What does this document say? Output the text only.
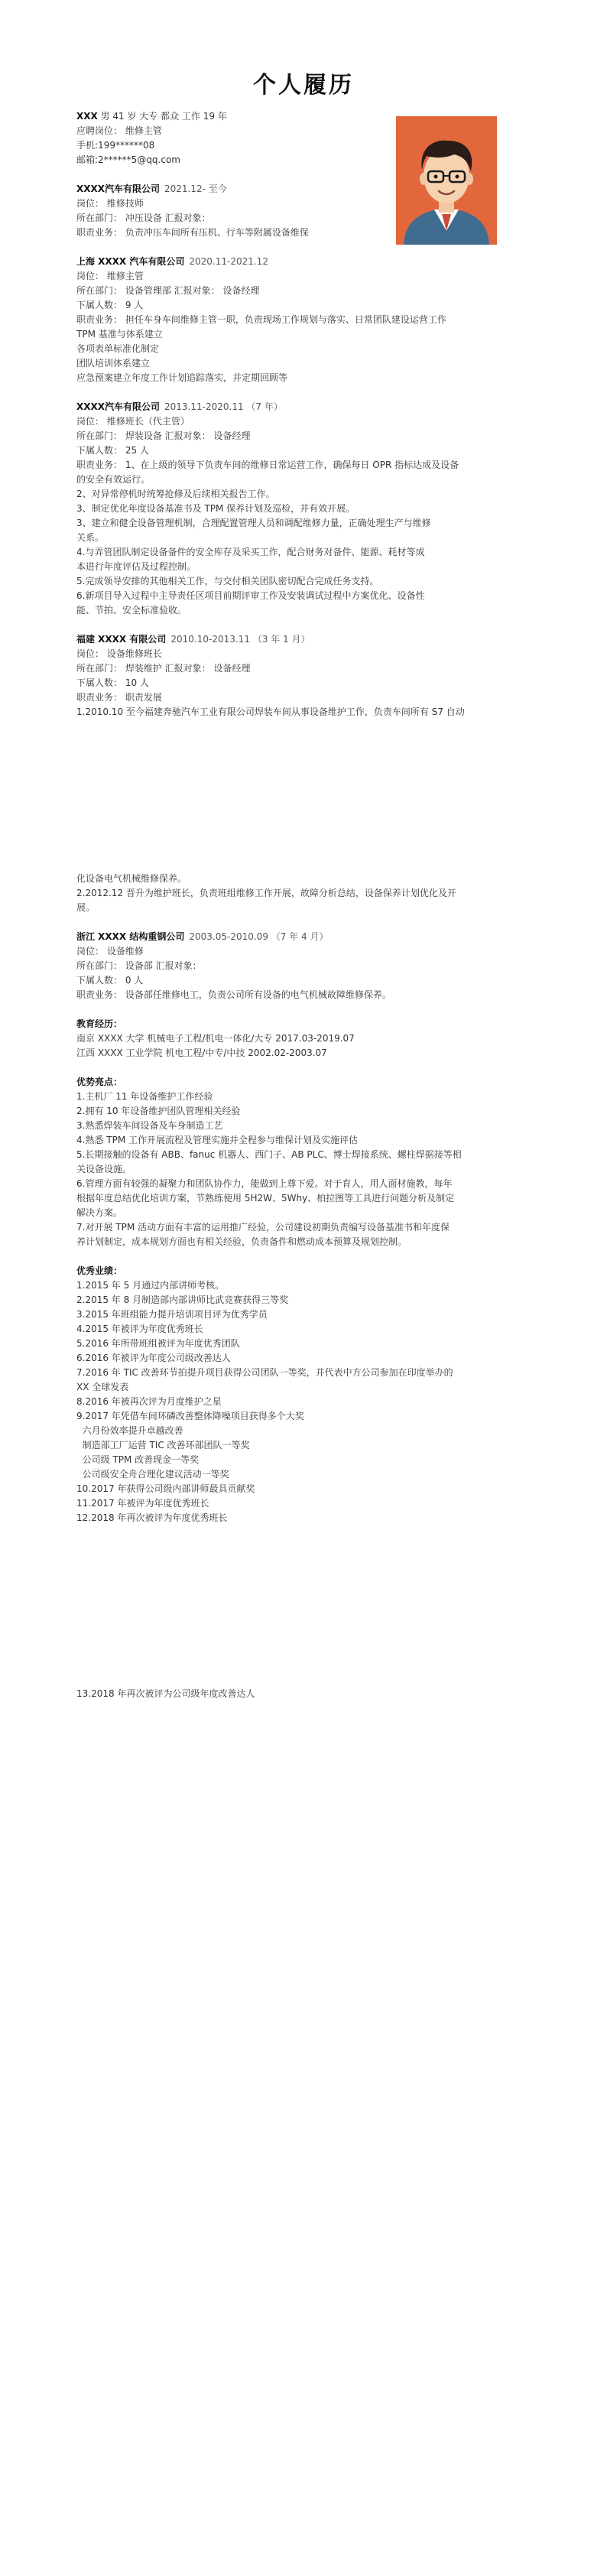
个人履历
XXX 男 41 岁 大专 都众 工作 19 年
应聘岗位： 维修主管
手机:199******08
邮箱:2******5@qq.com
XXXX汽车有限公司 2021.12- 至今
岗位： 维修技师
所在部门： 冲压设备 汇报对象：
职责业务： 负责冲压车间所有压机、行车等附属设备维保
上海 XXXX 汽车有限公司 2020.11-2021.12
岗位： 维修主管
所在部门： 设备管理部 汇报对象： 设备经理
下属人数： 9 人
职责业务： 担任车身车间维修主管一职，负责现场工作规划与落实、日常团队建设运营工作
TPM 基准与体系建立
各项表单标准化制定
团队培训体系建立
应急预案建立年度工作计划追踪落实，并定期回顾等
XXXX汽车有限公司 2013.11-2020.11 （7 年）
岗位： 维修班长（代主管）
所在部门： 焊装设备 汇报对象： 设备经理
下属人数： 25 人
职责业务： 1、在上级的领导下负责车间的维修日常运营工作，确保每日 OPR 指标达成及设备
的安全有效运行。
2、对异常停机时统筹抢修及后续相关报告工作。
3、制定优化年度设备基准书及 TPM 保养计划及巡检，并有效开展。
3、建立和健全设备管理机制，合理配置管理人员和调配维修力量，正确处理生产与维修
关系。
4.与弄管团队制定设备备件的安全库存及采买工作，配合财务对备件、能源、耗材等成
本进行年度评估及过程控制。
5.完成领导安排的其他相关工作，与交付相关团队密切配合完成任务支持。
6.新项目导入过程中主导责任区项目前期评审工作及安装调试过程中方案优化、设备性
能、节拍、安全标准验收。
福建 XXXX 有限公司 2010.10-2013.11 （3 年 1 月）
岗位： 设备维修班长
所在部门： 焊装维护 汇报对象： 设备经理
下属人数： 10 人
职责业务： 职责发展
1.2010.10 至今福建奔驰汽车工业有限公司焊装车间从事设备维护工作，负责车间所有 S7 自动
化设备电气机械维修保养。
2.2012.12 晋升为维护班长，负责班组维修工作开展，故障分析总结，设备保养计划优化及开
展。
浙江 XXXX 结构重钢公司 2003.05-2010.09 （7 年 4 月）
岗位： 设备维修
所在部门： 设备部 汇报对象：
下属人数： 0 人
职责业务： 设备部任维修电工，负责公司所有设备的电气机械故障维修保养。
教育经历：
南京 XXXX 大学 机械电子工程/机电一体化/大专 2017.03-2019.07
江西 XXXX 工业学院 机电工程/中专/中技 2002.02-2003.07
优势亮点：
1.主机厂 11 年设备维护工作经验
2.拥有 10 年设备维护团队管理相关经验
3.熟悉焊装车间设备及车身制造工艺
4.熟悉 TPM 工作开展流程及管理实施并全程参与维保计划及实施评估
5.长期接触的设备有 ABB、fanuc 机器人、西门子、AB PLC、博士焊接系统、螺柱焊据接等相
关设备设施。
6.管理方面有较强的凝聚力和团队协作力，能做到上尊下爱。对于育人，用人面材施教，每年
根据年度总结优化培训方案，节熟练使用 5H2W、5Why、柏拉图等工具进行问题分析及制定
解决方案。
7.对开展 TPM 活动方面有丰富的运用推广经验，公司建设初期负责编写设备基准书和年度保
养计划制定，成本规划方面也有相关经验，负责备件和燃动成本预算及规划控制。
优秀业绩：
1.2015 年 5 月通过内部讲师考核。
2.2015 年 8 月制造部内部讲师比武竞赛获得三等奖
3.2015 年班组能力提升培训项目评为优秀学员
4.2015 年被评为年度优秀班长
5.2016 年所带班组被评为年度优秀团队
6.2016 年被评为年度公司级改善达人
7.2016 年 TIC 改善环节拍提升项目获得公司团队一等奖，并代表中方公司参加在印度举办的
XX 全球发表
8.2016 年被再次评为月度维护之星
9.2017 年凭借车间环磷改善整体降噪项目获得多个大奖
六月份效率提升卓越改善
制造部工厂运营 TIC 改善环部团队一等奖
公司级 TPM 改善现金一等奖
公司级安全舟合理化建议活动一等奖
10.2017 年获得公司级内部讲师最具贡献奖
11.2017 年被评为年度优秀班长
12.2018 年再次被评为年度优秀班长
13.2018 年再次被评为公司级年度改善达人
